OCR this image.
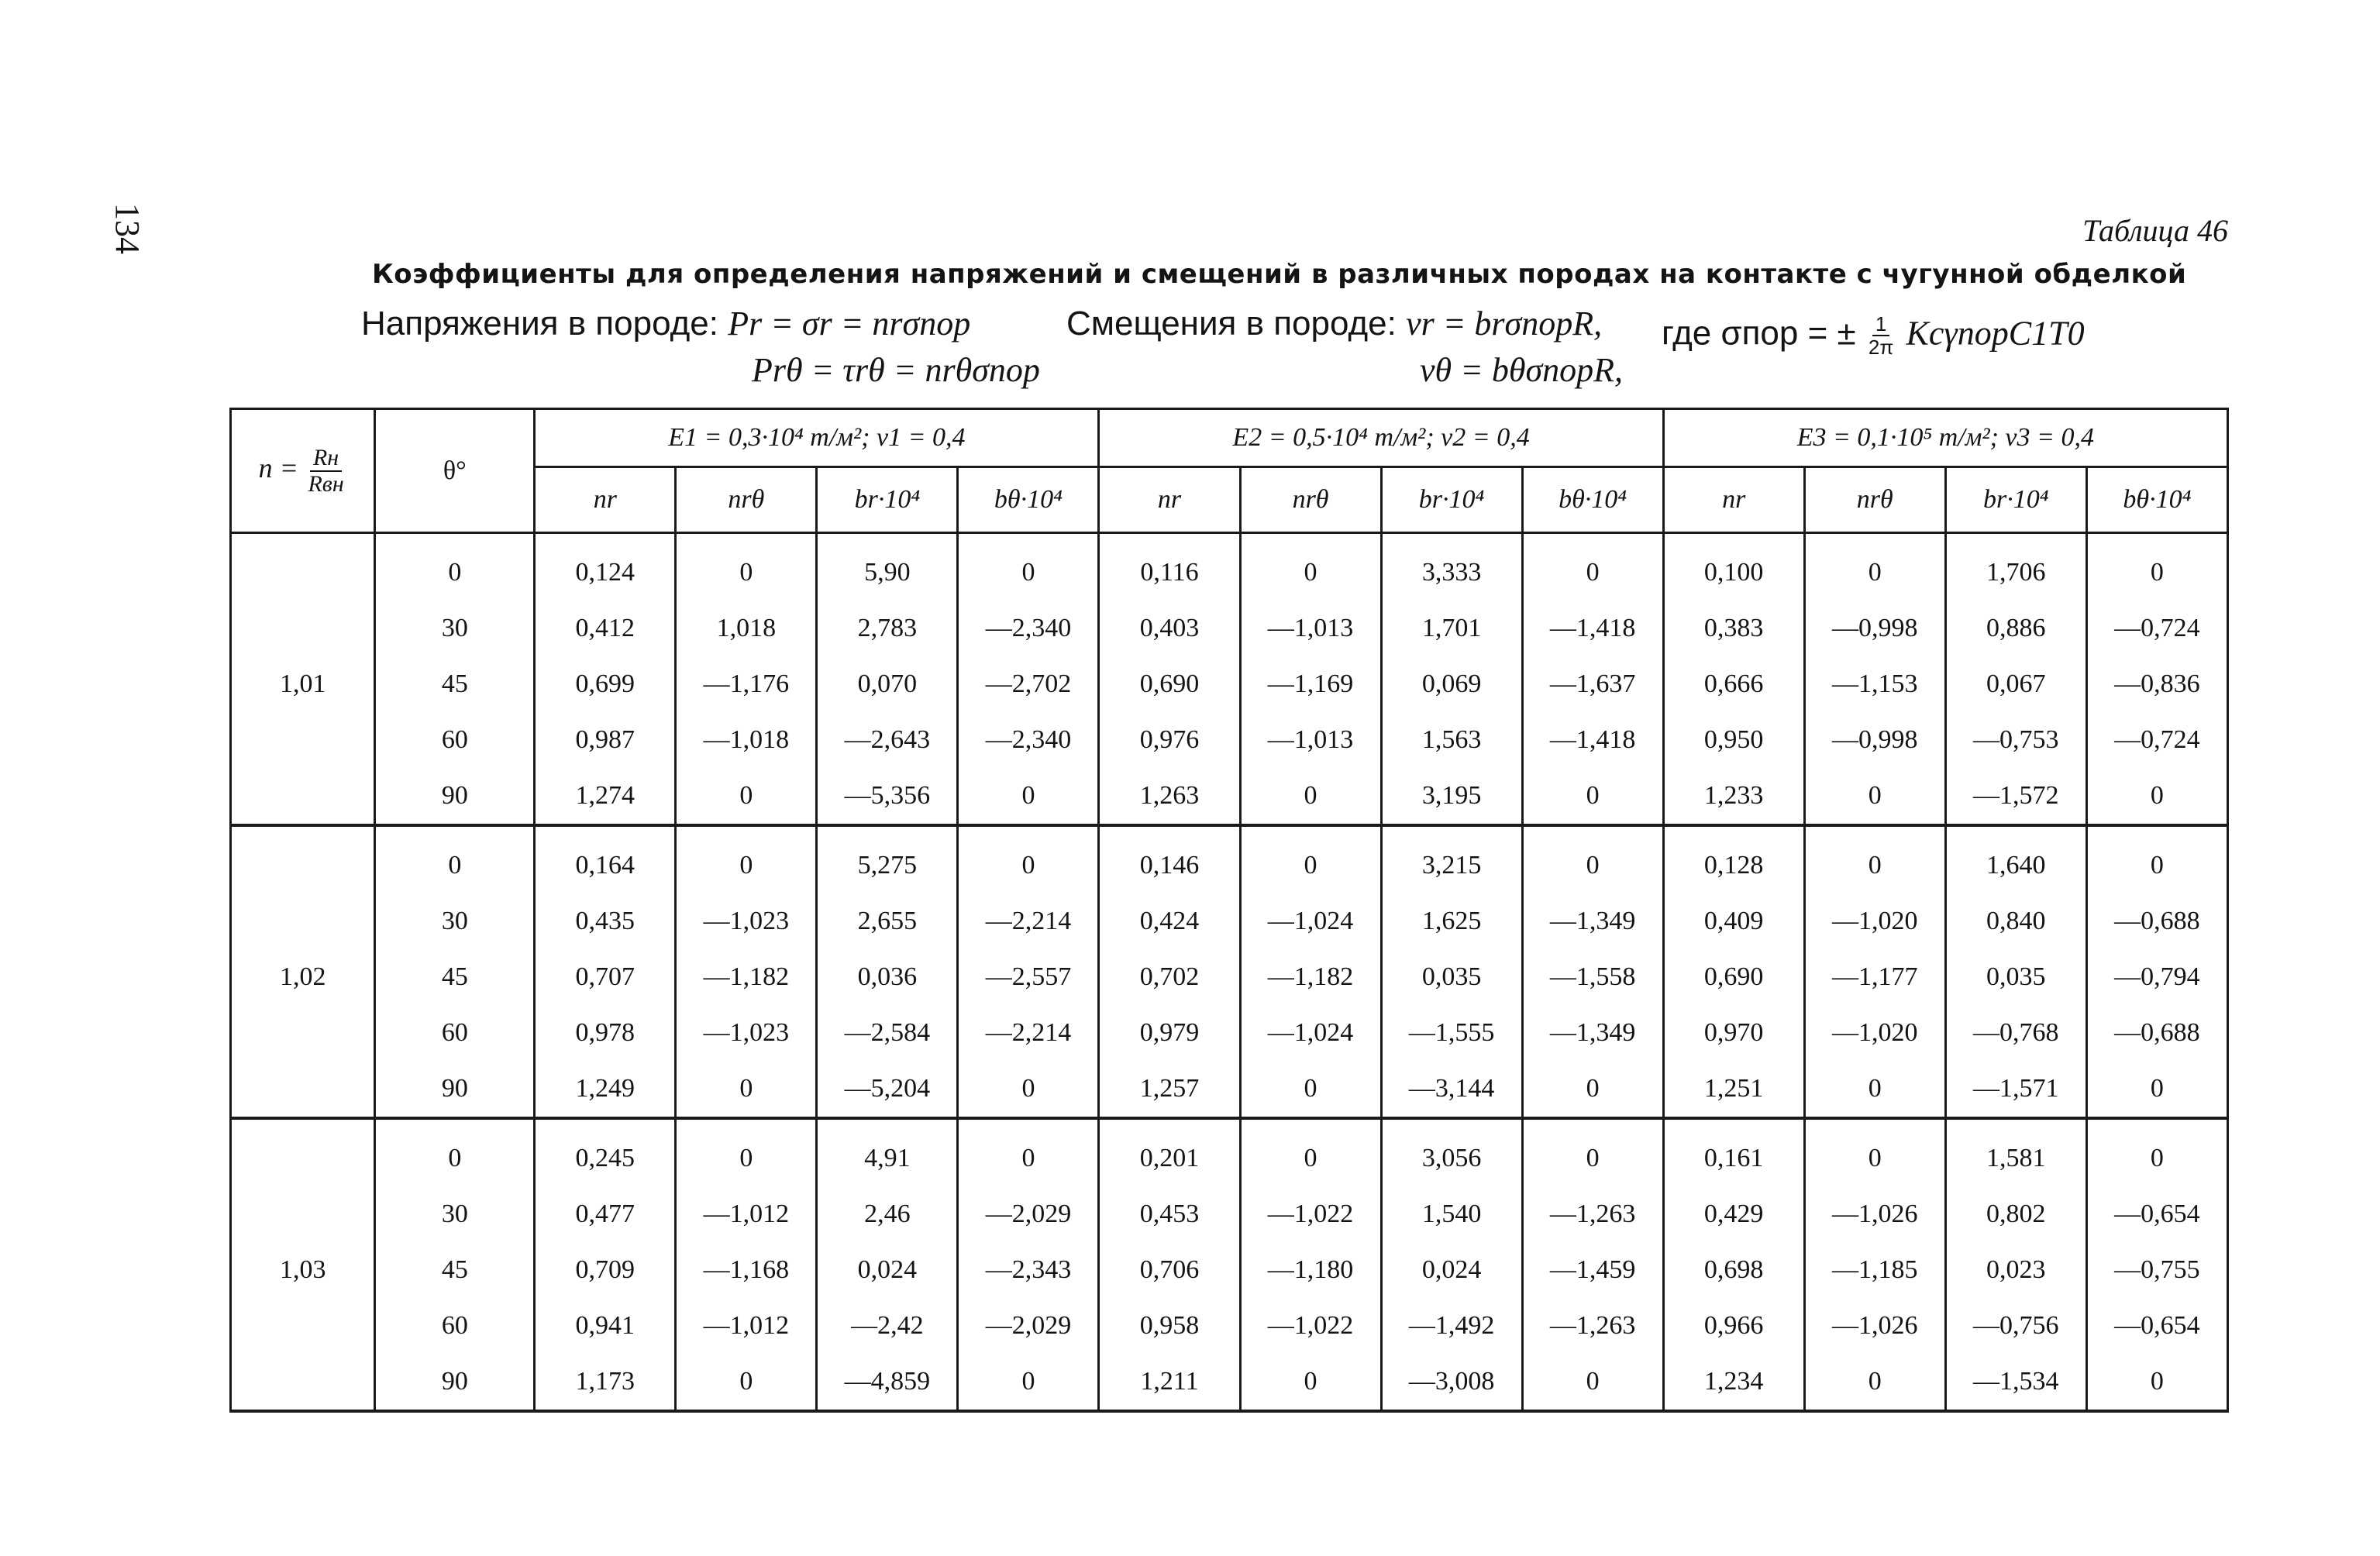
134	Таблица 46
Коэффициенты для определения напряжений и смещений в различных породах на контакте с чугунной обделкой
Напряжения в породе: Pr = σr = nrσпор
Prθ = τrθ = nrθσпор
Смещения в породе: vr = brσпорR,
vθ = bθσпорR,
где σпор = ± $\frac{1}{2\pi}$ KcγпорC1T0
$n = \frac{Rн}{\text{Rвн}}$	θ°	E1 = 0,3·10⁴ т/м²; ν1 = 0,4				E2 = 0,5·10⁴ т/м²; ν2 = 0,4				E3 = 0,1·10⁵ т/м²; ν3 = 0,4			
		nr	nrθ	br·10⁴	bθ·10⁴	nr	nrθ	br·10⁴	bθ·10⁴	nr	nrθ	br·10⁴	bθ·10⁴
1,01	0	0,124	0	5,90	0	0,116	0	3,333	0	0,100	0	1,706	0
	30	0,412	1,018	2,783	—2,340	0,403	—1,013	1,701	—1,418	0,383	—0,998	0,886	—0,724
	45	0,699	—1,176	0,070	—2,702	0,690	—1,169	0,069	—1,637	0,666	—1,153	0,067	—0,836
	60	0,987	—1,018	—2,643	—2,340	0,976	—1,013	1,563	—1,418	0,950	—0,998	—0,753	—0,724
	90	1,274	0	—5,356	0	1,263	0	3,195	0	1,233	0	—1,572	0
1,02	0	0,164	0	5,275	0	0,146	0	3,215	0	0,128	0	1,640	0
	30	0,435	—1,023	2,655	—2,214	0,424	—1,024	1,625	—1,349	0,409	—1,020	0,840	—0,688
	45	0,707	—1,182	0,036	—2,557	0,702	—1,182	0,035	—1,558	0,690	—1,177	0,035	—0,794
	60	0,978	—1,023	—2,584	—2,214	0,979	—1,024	—1,555	—1,349	0,970	—1,020	—0,768	—0,688
	90	1,249	0	—5,204	0	1,257	0	—3,144	0	1,251	0	—1,571	0
1,03	0	0,245	0	4,91	0	0,201	0	3,056	0	0,161	0	1,581	0
	30	0,477	—1,012	2,46	—2,029	0,453	—1,022	1,540	—1,263	0,429	—1,026	0,802	—0,654
	45	0,709	—1,168	0,024	—2,343	0,706	—1,180	0,024	—1,459	0,698	—1,185	0,023	—0,755
	60	0,941	—1,012	—2,42	—2,029	0,958	—1,022	—1,492	—1,263	0,966	—1,026	—0,756	—0,654
	90	1,173	0	—4,859	0	1,211	0	—3,008	0	1,234	0	—1,534	0
